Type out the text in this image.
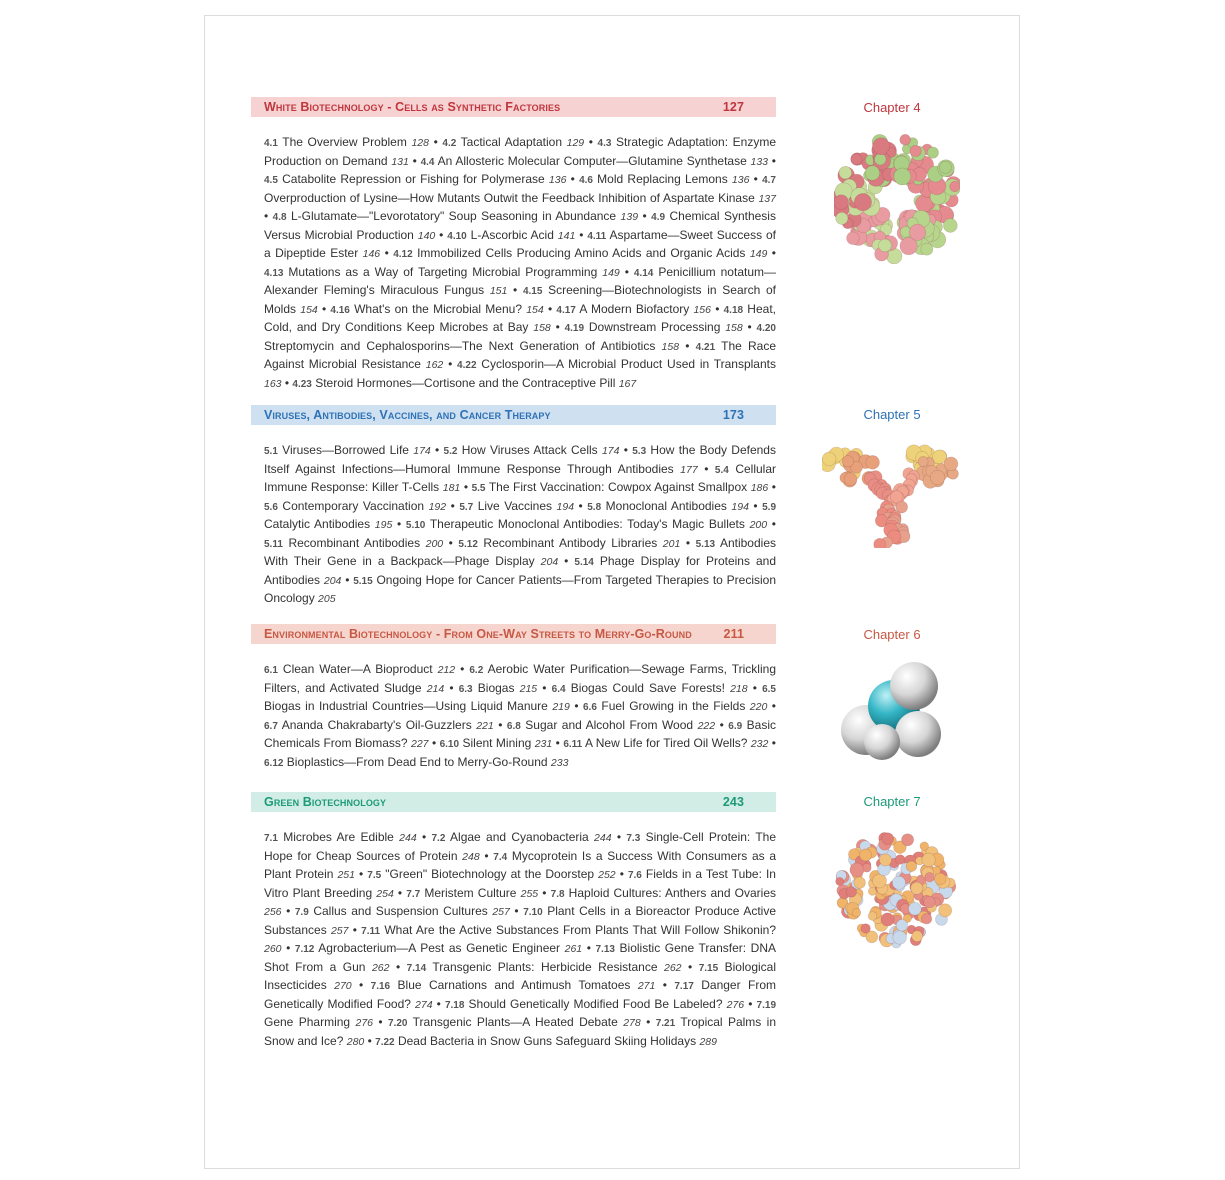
White Biotechnology - Cells as Synthetic Factories	127
4.1 The Overview Problem 128 • 4.2 Tactical Adaptation 129 • 4.3 Strategic Adaptation: Enzyme Production on Demand 131 • 4.4 An Allosteric Molecular Computer—Glutamine Synthetase 133 • 4.5 Catabolite Repression or Fishing for Polymerase 136 • 4.6 Mold Replacing Lemons 136 • 4.7 Overproduction of Lysine—How Mutants Outwit the Feedback Inhibition of Aspartate Kinase 137 • 4.8 L-Glutamate—"Levorotatory" Soup Seasoning in Abundance 139 • 4.9 Chemical Synthesis Versus Microbial Production 140 • 4.10 L-Ascorbic Acid 141 • 4.11 Aspartame—Sweet Success of a Dipeptide Ester 146 • 4.12 Immobilized Cells Producing Amino Acids and Organic Acids 149 • 4.13 Mutations as a Way of Targeting Microbial Programming 149 • 4.14 Penicillium notatum—Alexander Fleming's Miraculous Fungus 151 • 4.15 Screening—Biotechnologists in Search of Molds 154 • 4.16 What's on the Microbial Menu? 154 • 4.17 A Modern Biofactory 156 • 4.18 Heat, Cold, and Dry Conditions Keep Microbes at Bay 158 • 4.19 Downstream Processing 158 • 4.20 Streptomycin and Cephalosporins—The Next Generation of Antibiotics 158 • 4.21 The Race Against Microbial Resistance 162 • 4.22 Cyclosporin—A Microbial Product Used in Transplants 163 • 4.23 Steroid Hormones—Cortisone and the Contraceptive Pill 167
Chapter 4
Viruses, Antibodies, Vaccines, and Cancer Therapy	173
5.1 Viruses—Borrowed Life 174 • 5.2 How Viruses Attack Cells 174 • 5.3 How the Body Defends Itself Against Infections—Humoral Immune Response Through Antibodies 177 • 5.4 Cellular Immune Response: Killer T-Cells 181 • 5.5 The First Vaccination: Cowpox Against Smallpox 186 • 5.6 Contemporary Vaccination 192 • 5.7 Live Vaccines 194 • 5.8 Monoclonal Antibodies 194 • 5.9 Catalytic Antibodies 195 • 5.10 Therapeutic Monoclonal Antibodies: Today's Magic Bullets 200 • 5.11 Recombinant Antibodies 200 • 5.12 Recombinant Antibody Libraries 201 • 5.13 Antibodies With Their Gene in a Backpack—Phage Display 204 • 5.14 Phage Display for Proteins and Antibodies 204 • 5.15 Ongoing Hope for Cancer Patients—From Targeted Therapies to Precision Oncology 205
Chapter 5
Environmental Biotechnology - From One-Way Streets to Merry-Go-Round	211
6.1 Clean Water—A Bioproduct 212 • 6.2 Aerobic Water Purification—Sewage Farms, Trickling Filters, and Activated Sludge 214 • 6.3 Biogas 215 • 6.4 Biogas Could Save Forests! 218 • 6.5 Biogas in Industrial Countries—Using Liquid Manure 219 • 6.6 Fuel Growing in the Fields 220 • 6.7 Ananda Chakrabarty's Oil-Guzzlers 221 • 6.8 Sugar and Alcohol From Wood 222 • 6.9 Basic Chemicals From Biomass? 227 • 6.10 Silent Mining 231 • 6.11 A New Life for Tired Oil Wells? 232 • 6.12 Bioplastics—From Dead End to Merry-Go-Round 233
Chapter 6
Green Biotechnology	243
7.1 Microbes Are Edible 244 • 7.2 Algae and Cyanobacteria 244 • 7.3 Single-Cell Protein: The Hope for Cheap Sources of Protein 248 • 7.4 Mycoprotein Is a Success With Consumers as a Plant Protein 251 • 7.5 "Green" Biotechnology at the Doorstep 252 • 7.6 Fields in a Test Tube: In Vitro Plant Breeding 254 • 7.7 Meristem Culture 255 • 7.8 Haploid Cultures: Anthers and Ovaries 256 • 7.9 Callus and Suspension Cultures 257 • 7.10 Plant Cells in a Bioreactor Produce Active Substances 257 • 7.11 What Are the Active Substances From Plants That Will Follow Shikonin? 260 • 7.12 Agrobacterium—A Pest as Genetic Engineer 261 • 7.13 Biolistic Gene Transfer: DNA Shot From a Gun 262 • 7.14 Transgenic Plants: Herbicide Resistance 262 • 7.15 Biological Insecticides 270 • 7.16 Blue Carnations and Antimush Tomatoes 271 • 7.17 Danger From Genetically Modified Food? 274 • 7.18 Should Genetically Modified Food Be Labeled? 276 • 7.19 Gene Pharming 276 • 7.20 Transgenic Plants—A Heated Debate 278 • 7.21 Tropical Palms in Snow and Ice? 280 • 7.22 Dead Bacteria in Snow Guns Safeguard Skiing Holidays 289
Chapter 7
